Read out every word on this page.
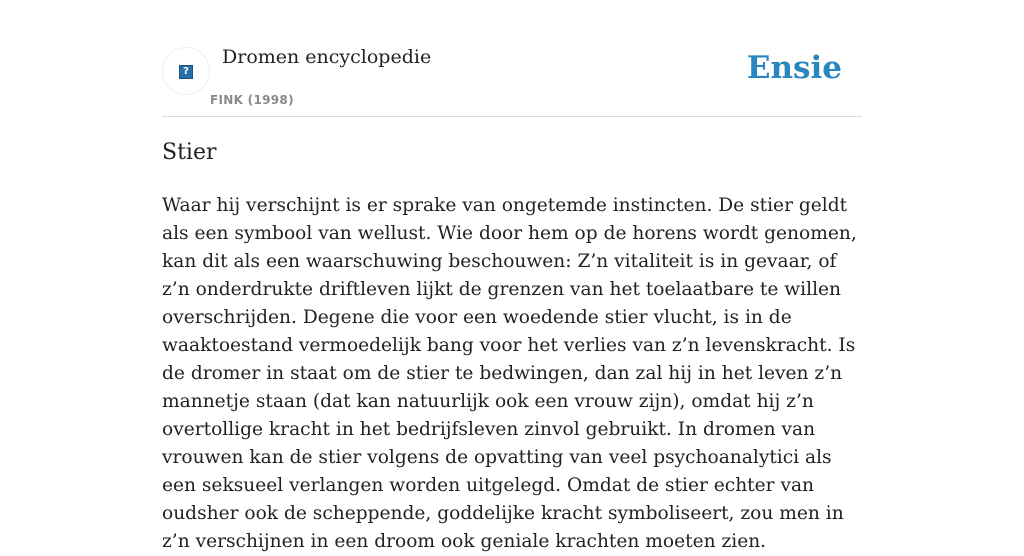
?
Dromen encyclopedie
FINK (1998)
Ensie
Stier

Waar hij verschijnt is er sprake van ongetemde instincten. De stier geldt als een symbool van wellust. Wie door hem op de horens wordt genomen, kan dit als een waarschuwing beschouwen: Z’n vitaliteit is in gevaar, of z’n onderdrukte driftleven lijkt de grenzen van het toelaatbare te willen overschrijden. Degene die voor een woedende stier vlucht, is in de waaktoestand vermoedelijk bang voor het verlies van z’n levenskracht. Is de dromer in staat om de stier te bedwingen, dan zal hij in het leven z’n mannetje staan (dat kan natuurlijk ook een vrouw zijn), omdat hij z’n overtollige kracht in het bedrijfsleven zinvol gebruikt. In dromen van vrouwen kan de stier volgens de opvatting van veel psychoanalytici als een seksueel verlangen worden uitgelegd. Omdat de stier echter van oudsher ook de scheppende, goddelijke kracht symboliseert, zou men in z’n verschijnen in een droom ook geniale krachten moeten zien.
